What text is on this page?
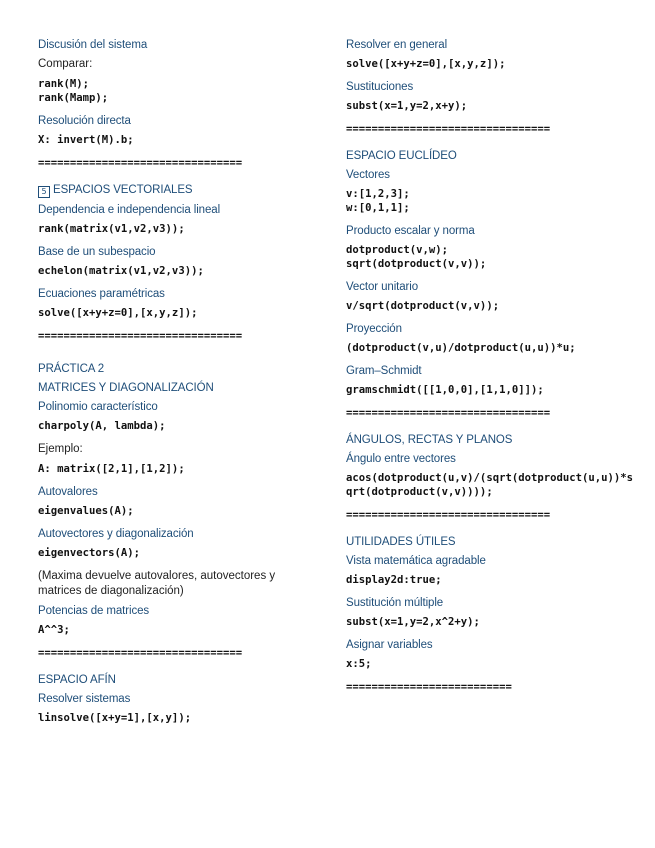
Discusión del sistema
Comparar:
rank(M);
rank(Mamp);
Resolución directa
X: invert(M).b;
================================
5 ESPACIOS VECTORIALES
Dependencia e independencia lineal
rank(matrix(v1,v2,v3));
Base de un subespacio
echelon(matrix(v1,v2,v3));
Ecuaciones paramétricas
solve([x+y+z=0],[x,y,z]);
================================
PRÁCTICA 2
MATRICES Y DIAGONALIZACIÓN
Polinomio característico
charpoly(A, lambda);
Ejemplo:
A: matrix([2,1],[1,2]);
Autovalores
eigenvalues(A);
Autovectores y diagonalización
eigenvectors(A);
(Maxima devuelve autovalores, autovectores y matrices de diagonalización)
Potencias de matrices
A^^3;
================================
ESPACIO AFÍN
Resolver sistemas
linsolve([x+y=1],[x,y]);
Resolver en general
solve([x+y+z=0],[x,y,z]);
Sustituciones
subst(x=1,y=2,x+y);
================================
ESPACIO EUCLÍDEO
Vectores
v:[1,2,3];
w:[0,1,1];
Producto escalar y norma
dotproduct(v,w);
sqrt(dotproduct(v,v));
Vector unitario
v/sqrt(dotproduct(v,v));
Proyección
(dotproduct(v,u)/dotproduct(u,u))*u;
Gram–Schmidt
gramschmidt([[1,0,0],[1,1,0]]);
================================
ÁNGULOS, RECTAS Y PLANOS
Ángulo entre vectores
acos(dotproduct(u,v)/(sqrt(dotproduct(u,u))*sqrt(dotproduct(v,v))));
================================
UTILIDADES ÚTILES
Vista matemática agradable
display2d:true;
Sustitución múltiple
subst(x=1,y=2,x^2+y);
Asignar variables
x:5;
==========================
